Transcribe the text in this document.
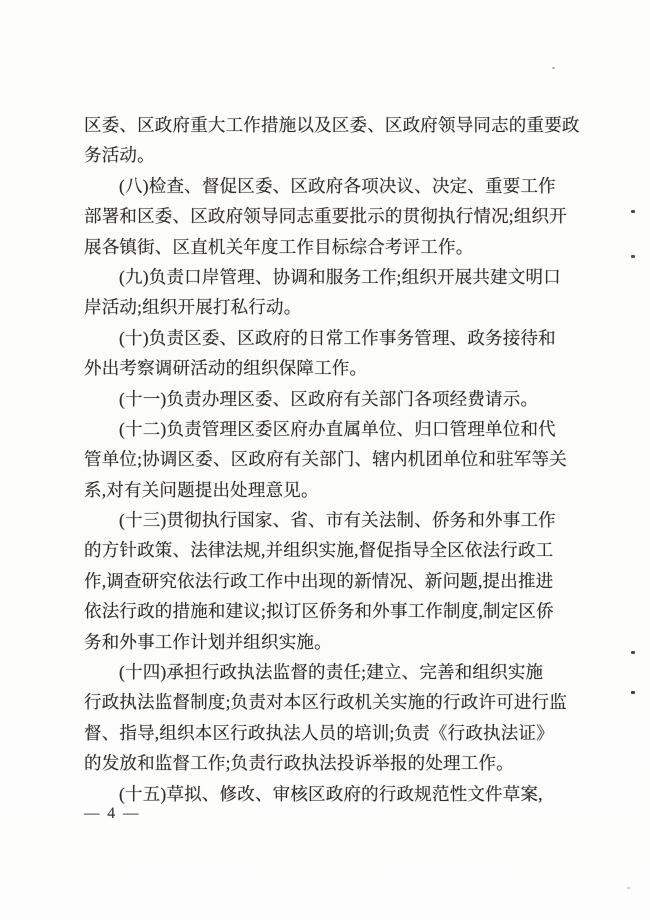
区委、区政府重大工作措施以及区委、区政府领导同志的重要政
务活动。
(八)检查、督促区委、区政府各项决议、决定、重要工作
部署和区委、区政府领导同志重要批示的贯彻执行情况;组织开
展各镇街、区直机关年度工作目标综合考评工作。
(九)负责口岸管理、协调和服务工作;组织开展共建文明口
岸活动;组织开展打私行动。
(十)负责区委、区政府的日常工作事务管理、政务接待和
外出考察调研活动的组织保障工作。
(十一)负责办理区委、区政府有关部门各项经费请示。
(十二)负责管理区委区府办直属单位、归口管理单位和代
管单位;协调区委、区政府有关部门、辖内机团单位和驻军等关
系,对有关问题提出处理意见。
(十三)贯彻执行国家、省、市有关法制、侨务和外事工作
的方针政策、法律法规,并组织实施,督促指导全区依法行政工
作,调查研究依法行政工作中出现的新情况、新问题,提出推进
依法行政的措施和建议;拟订区侨务和外事工作制度,制定区侨
务和外事工作计划并组织实施。
(十四)承担行政执法监督的责任;建立、完善和组织实施
行政执法监督制度;负责对本区行政机关实施的行政许可进行监
督、指导,组织本区行政执法人员的培训;负责《行政执法证》
的发放和监督工作;负责行政执法投诉举报的处理工作。
(十五)草拟、修改、审核区政府的行政规范性文件草案,
— 4 —
